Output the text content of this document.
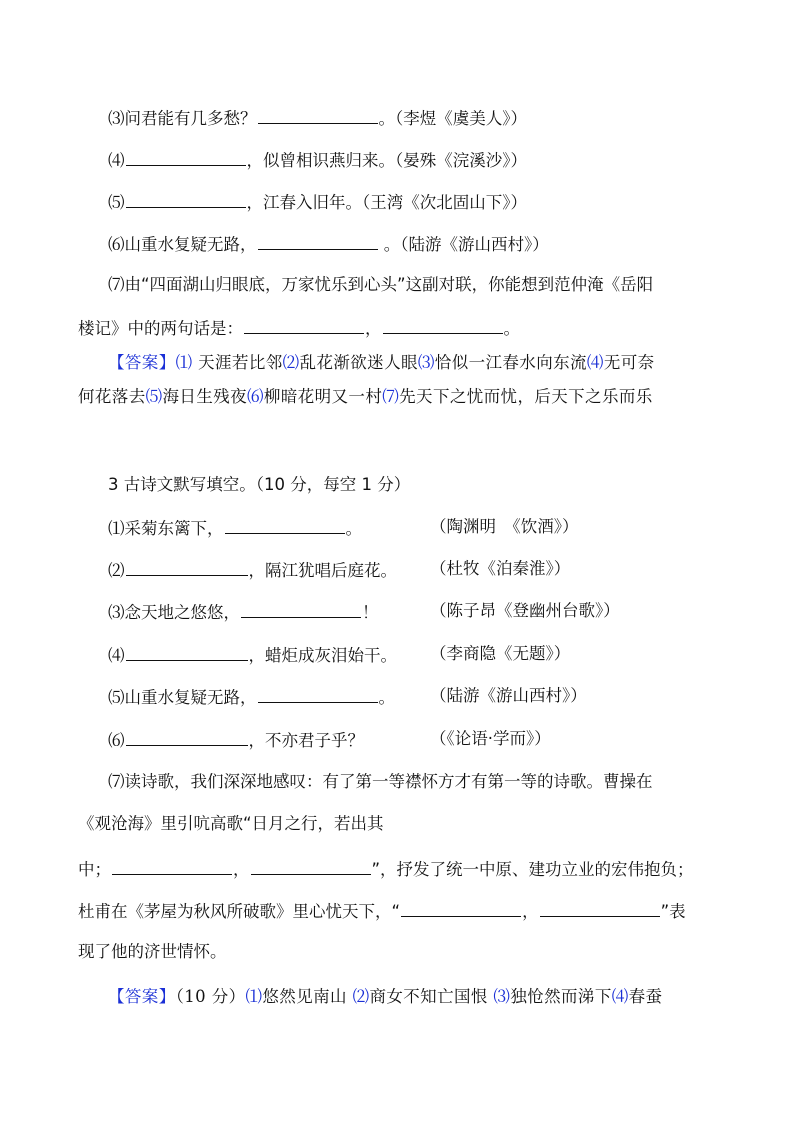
⑶问君能有几多愁？	。（李煜《虞美人》）
⑷	，似曾相识燕归来。（晏殊《浣溪沙》）
⑸	，江春入旧年。（王湾《次北固山下》）
⑹山重水复疑无路，	。（陆游《游山西村》）
⑺由“四面湖山归眼底，万家忧乐到心头”这副对联，你能想到范仲淹《岳阳
楼记》中的两句话是：	，	。
【答案】⑴ 天涯若比邻⑵乱花渐欲迷人眼⑶恰似一江春水向东流⑷无可奈
何花落去⑸海日生残夜⑹柳暗花明又一村⑺先天下之忧而忧，后天下之乐而乐
3 古诗文默写填空。（10 分，每空 1 分）
⑴采菊东篱下，	。	（陶渊明　《饮酒》）
⑵	，隔江犹唱后庭花。 （杜牧《泊秦淮》）
⑶念天地之悠悠，	！	（陈子昂《登幽州台歌》）
⑷	，蜡炬成灰泪始干。 （李商隐《无题》）
⑸山重水复疑无路，	。 （陆游《游山西村》）
⑹	，不亦君子乎？	（《论语·学而》）
⑺读诗歌，我们深深地感叹：有了第一等襟怀方才有第一等的诗歌。曹操在
《观沧海》里引吭高歌“日月之行，若出其
中；	，	”，抒发了统一中原、建功立业的宏伟抱负；
杜甫在《茅屋为秋风所破歌》里心忧天下，“	，	”表
现了他的济世情怀。
【答案】（10 分）⑴悠然见南山 ⑵商女不知亡国恨 ⑶独怆然而涕下⑷春蚕
